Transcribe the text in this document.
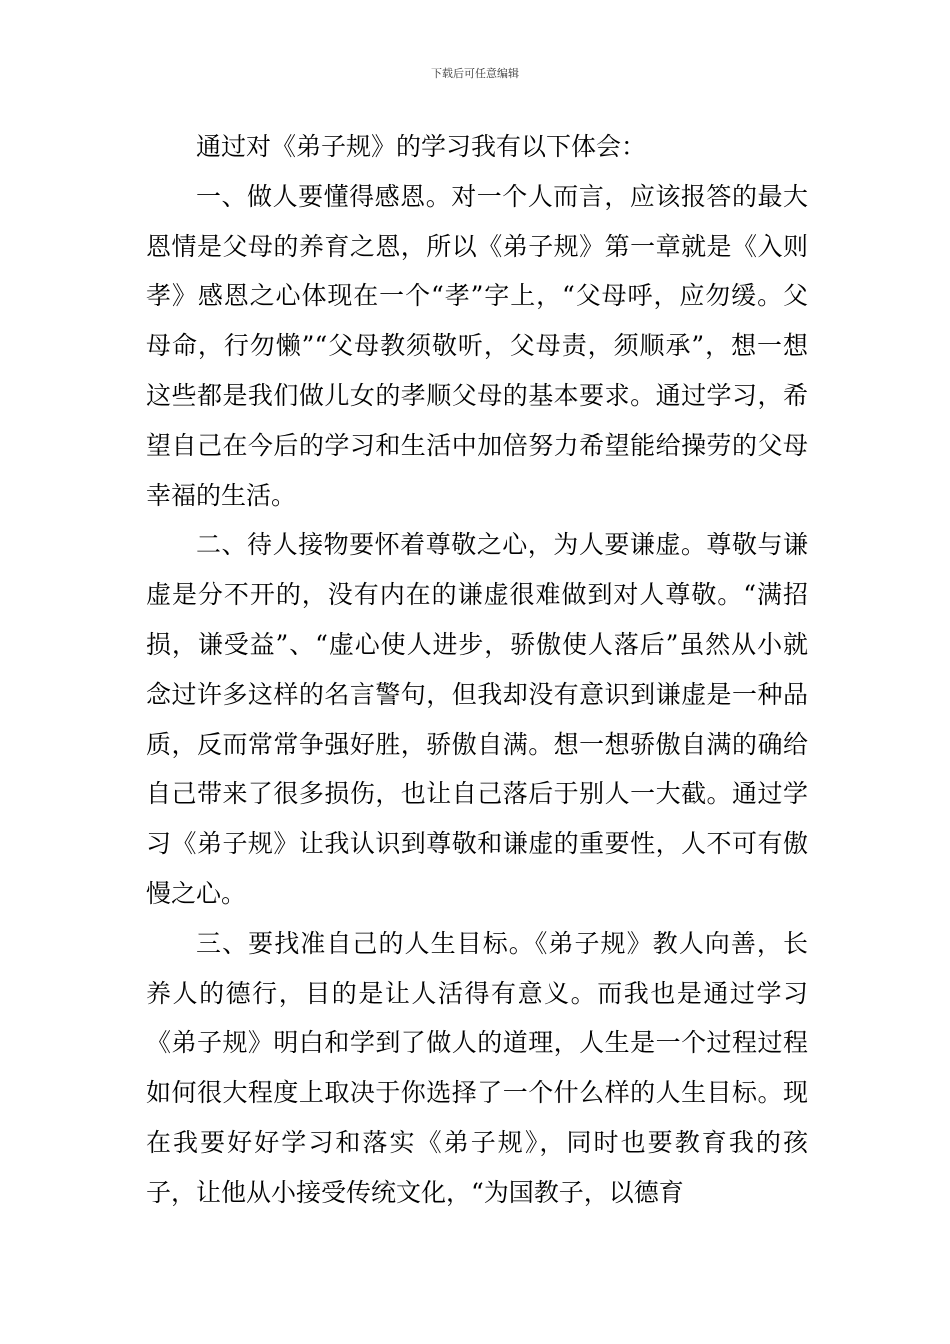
下载后可任意编辑

通过对《弟子规》的学习我有以下体会：

一、做人要懂得感恩。对一个人而言，应该报答的最大恩情是父母的养育之恩，所以《弟子规》第一章就是《入则孝》感恩之心体现在一个“孝”字上，“父母呼，应勿缓。父母命，行勿懒”“父母教须敬听，父母责，须顺承”，想一想这些都是我们做儿女的孝顺父母的基本要求。通过学习，希望自己在今后的学习和生活中加倍努力希望能给操劳的父母幸福的生活。

二、待人接物要怀着尊敬之心，为人要谦虚。尊敬与谦虚是分不开的，没有内在的谦虚很难做到对人尊敬。“满招损，谦受益”、“虚心使人进步，骄傲使人落后”虽然从小就念过许多这样的名言警句，但我却没有意识到谦虚是一种品质，反而常常争强好胜，骄傲自满。想一想骄傲自满的确给自己带来了很多损伤，也让自己落后于别人一大截。通过学习《弟子规》让我认识到尊敬和谦虚的重要性，人不可有傲慢之心。

三、要找准自己的人生目标。《弟子规》教人向善，长养人的德行，目的是让人活得有意义。而我也是通过学习《弟子规》明白和学到了做人的道理，人生是一个过程过程如何很大程度上取决于你选择了一个什么样的人生目标。现在我要好好学习和落实《弟子规》，同时也要教育我的孩子，让他从小接受传统文化，“为国教子，以德育
